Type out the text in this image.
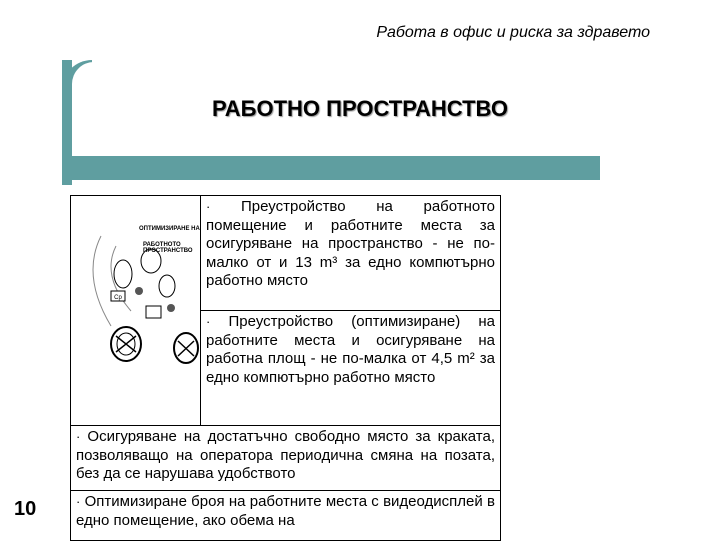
Работа в офис и риска за здравето
РАБОТНО ПРОСТРАНСТВО
Ср
ОПТИМИЗИРАНЕ НА
РАБОТНОТО ПРОСТРАНСТВО
· Преустройство на работното помещение и работните места за осигуряване на пространство - не по-малко от и 13 m³ за едно компютърно работно място
· Преустройство (оптимизиране) на работните места и осигуряване на работна площ - не по-малка от 4,5 m² за едно компютърно работно място
· Осигуряване на достатъчно свободно място за краката, позволяващо на оператора периодична смяна на позата, без да се нарушава удобството
· Оптимизиране броя на работните места с видеодисплей в едно помещение, ако обема на
10
